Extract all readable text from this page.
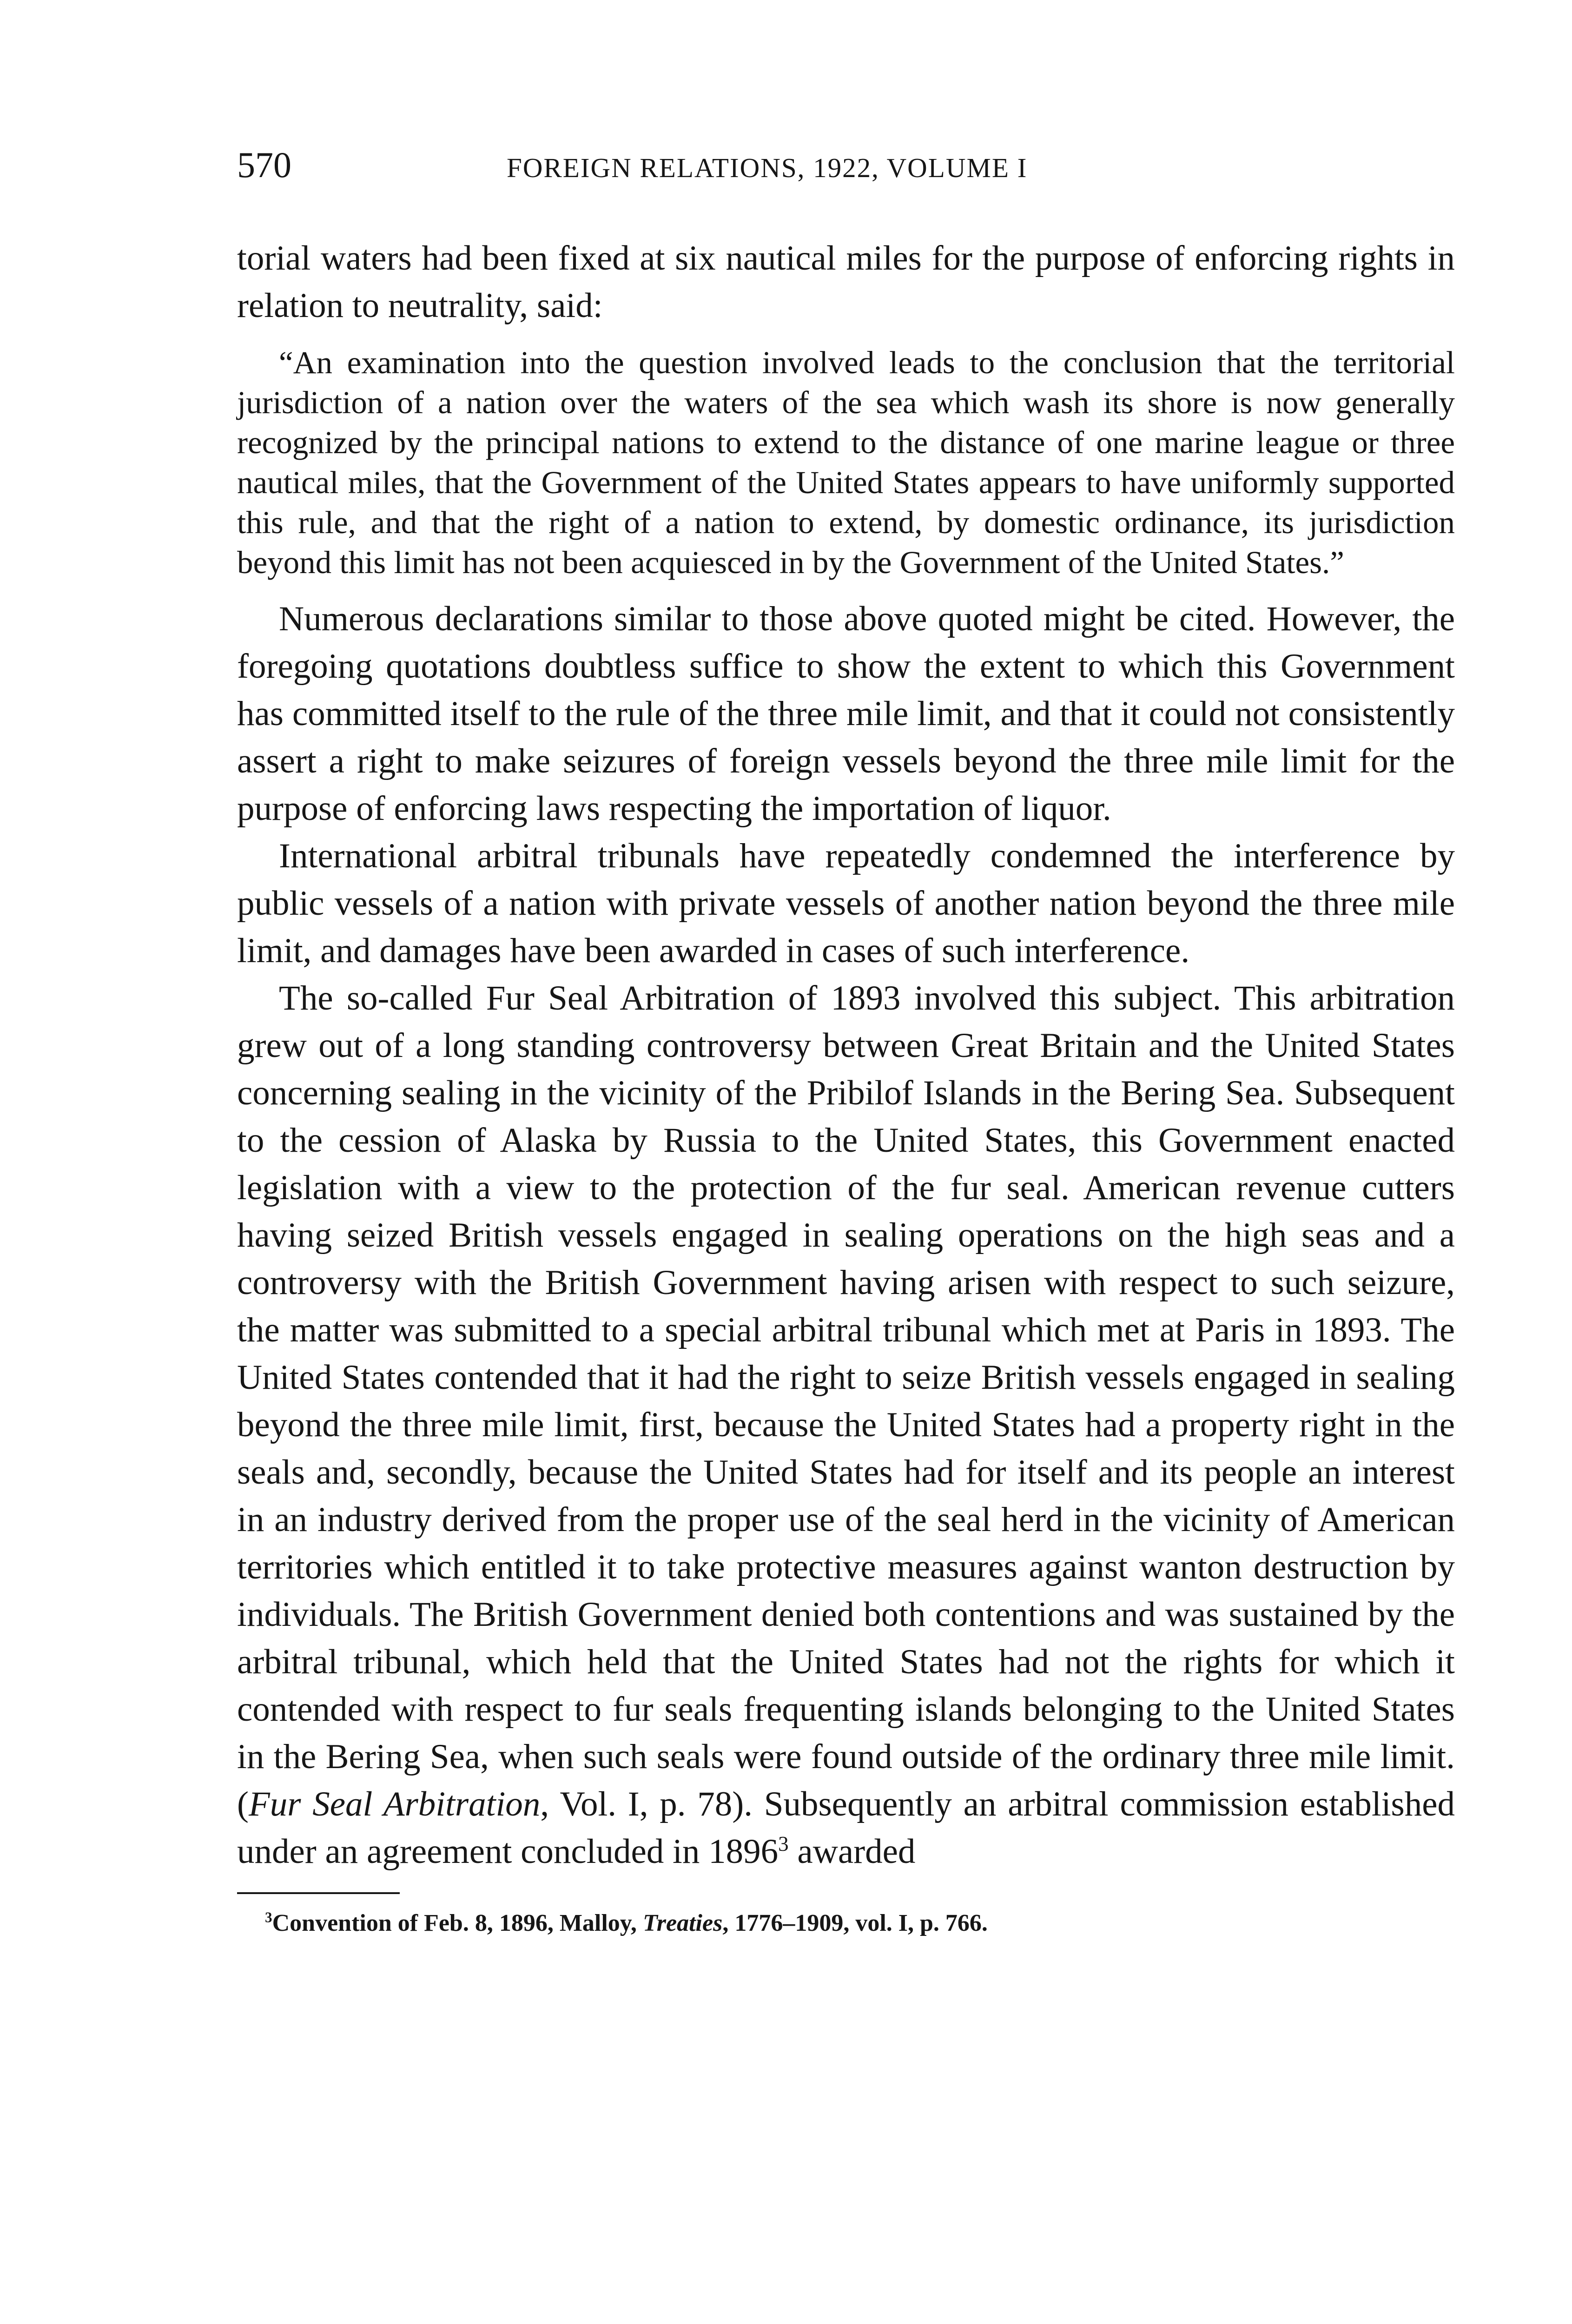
570	FOREIGN RELATIONS, 1922, VOLUME I

torial waters had been fixed at six nautical miles for the purpose of enforcing rights in relation to neutrality, said:

“An examination into the question involved leads to the conclusion that the territorial jurisdiction of a nation over the waters of the sea which wash its shore is now generally recognized by the principal nations to extend to the distance of one marine league or three nautical miles, that the Government of the United States appears to have uniformly supported this rule, and that the right of a nation to extend, by domestic ordinance, its jurisdiction beyond this limit has not been acquiesced in by the Government of the United States.”

Numerous declarations similar to those above quoted might be cited. However, the foregoing quotations doubtless suffice to show the extent to which this Government has committed itself to the rule of the three mile limit, and that it could not consistently assert a right to make seizures of foreign vessels beyond the three mile limit for the purpose of enforcing laws respecting the importation of liquor.

International arbitral tribunals have repeatedly condemned the interference by public vessels of a nation with private vessels of another nation beyond the three mile limit, and damages have been awarded in cases of such interference.

The so-called Fur Seal Arbitration of 1893 involved this subject. This arbitration grew out of a long standing controversy between Great Britain and the United States concerning sealing in the vicinity of the Pribilof Islands in the Bering Sea. Subsequent to the cession of Alaska by Russia to the United States, this Government enacted legislation with a view to the protection of the fur seal. American revenue cutters having seized British vessels engaged in sealing operations on the high seas and a controversy with the British Government having arisen with respect to such seizure, the matter was submitted to a special arbitral tribunal which met at Paris in 1893. The United States contended that it had the right to seize British vessels engaged in sealing beyond the three mile limit, first, because the United States had a property right in the seals and, secondly, because the United States had for itself and its people an interest in an industry derived from the proper use of the seal herd in the vicinity of American territories which entitled it to take protective measures against wanton destruction by individuals. The British Government denied both contentions and was sustained by the arbitral tribunal, which held that the United States had not the rights for which it contended with respect to fur seals frequenting islands belonging to the United States in the Bering Sea, when such seals were found outside of the ordinary three mile limit. (Fur Seal Arbitration, Vol. I, p. 78). Subsequently an arbitral commission established under an agreement concluded in 1896$^3$ awarded

$^3$Convention of Feb. 8, 1896, Malloy, Treaties, 1776–1909, vol. I, p. 766.
